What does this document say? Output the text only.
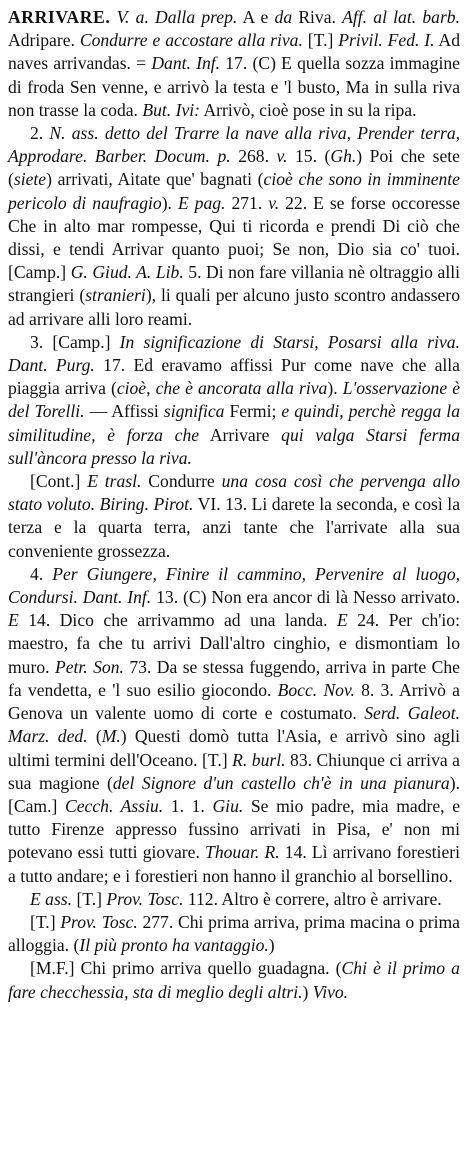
ARRIVARE. V. a. Dalla prep. A e da Riva. Aff. al lat. barb. Adripare. Condurre e accostare alla riva. [T.] Privil. Fed. I. Ad naves arrivandas. = Dant. Inf. 17. (C) E quella sozza immagine di froda Sen venne, e arrivò la testa e 'l busto, Ma in sulla riva non trasse la coda. But. Ivi: Arrivò, cioè pose in su la ripa.
2. N. ass. detto del Trarre la nave alla riva, Prender terra, Approdare. Barber. Docum. p. 268. v. 15. (Gh.) Poi che sete (siete) arrivati, Aitate que' bagnati (cioè che sono in imminente pericolo di naufragio). E pag. 271. v. 22. E se forse occoresse Che in alto mar rompesse, Qui ti ricorda e prendi Di ciò che dissi, e tendi Arrivar quanto puoi; Se non, Dio sia co' tuoi. [Camp.] G. Giud. A. Lib. 5. Di non fare villania nè oltraggio alli strangieri (stranieri), li quali per alcuno justo scontro andassero ad arrivare alli loro reami.
3. [Camp.] In significazione di Starsi, Posarsi alla riva. Dant. Purg. 17. Ed eravamo affissi Pur come nave che alla piaggia arriva (cioè, che è ancorata alla riva). L'osservazione è del Torelli. — Affissi significa Fermi; e quindi, perchè regga la similitudine, è forza che Arrivare qui valga Starsi ferma sull'àncora presso la riva.
[Cont.] E trasl. Condurre una cosa così che pervenga allo stato voluto. Biring. Pirot. VI. 13. Li darete la seconda, e così la terza e la quarta terra, anzi tante che l'arrivate alla sua conveniente grossezza.
4. Per Giungere, Finire il cammino, Pervenire al luogo, Condursi. Dant. Inf. 13. (C) Non era ancor di là Nesso arrivato. E 14. Dico che arrivammo ad una landa. E 24. Per ch'io: maestro, fa che tu arrivi Dall'altro cinghio, e dismontiam lo muro. Petr. Son. 73. Da se stessa fuggendo, arriva in parte Che fa vendetta, e 'l suo esilio giocondo. Bocc. Nov. 8. 3. Arrivò a Genova un valente uomo di corte e costumato. Serd. Galeot. Marz. ded. (M.) Questi domò tutta l'Asia, e arrivò sino agli ultimi termini dell'Oceano. [T.] R. burl. 83. Chiunque ci arriva a sua magione (del Signore d'un castello ch'è in una pianura). [Cam.] Cecch. Assiu. 1. 1. Giu. Se mio padre, mia madre, e tutto Firenze appresso fussino arrivati in Pisa, e' non mi potevano essi tutti giovare. Thouar. R. 14. Lì arrivano forestieri a tutto andare; e i forestieri non hanno il granchio al borsellino.
E ass. [T.] Prov. Tosc. 112. Altro è correre, altro è arrivare.
[T.] Prov. Tosc. 277. Chi prima arriva, prima macina o prima alloggia. (Il più pronto ha vantaggio.)
[M.F.] Chi primo arriva quello guadagna. (Chi è il primo a fare checchessia, sta di meglio degli altri.) Vivo.
